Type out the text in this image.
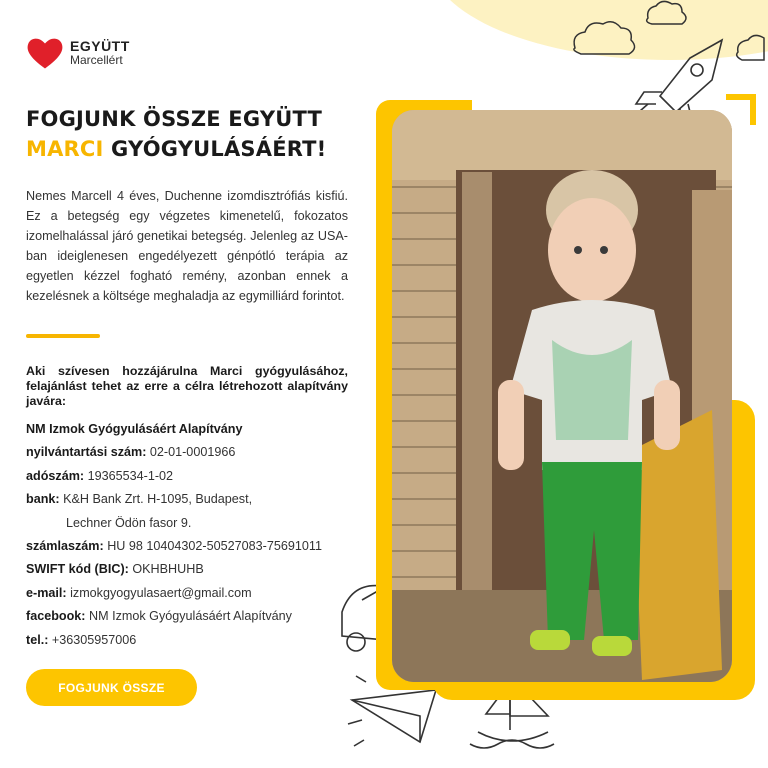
EGYÜTT
Marcellért
FOGJUNK ÖSSZE EGYÜTT
MARCI GYÓGYULÁSÁÉRT!
Nemes Marcell 4 éves, Duchenne izomdisztrófiás kisfiú. Ez a betegség egy végzetes kimenetelű, fokozatos izomelhalással járó genetikai betegség. Jelenleg az USA-ban ideiglenesen engedélyezett génpótló terápia az egyetlen kézzel fogható remény, azonban ennek a kezelésnek a költsége meghaladja az egymilliárd forintot.
Aki szívesen hozzájárulna Marci gyógyulásához, felajánlást tehet az erre a célra létrehozott alapítvány javára:
NM Izmok Gyógyulásáért Alapítvány
nyilvántartási szám: 02-01-0001966
adószám: 19365534-1-02
bank: K&H Bank Zrt. H-1095, Budapest,
Lechner Ödön fasor 9.
számlaszám: HU 98 10404302-50527083-75691011
SWIFT kód (BIC): OKHBHUHB
e-mail: izmokgyogyulasaert@gmail.com
facebook: NM Izmok Gyógyulásáért Alapítvány
tel.: +36305957006
FOGJUNK ÖSSZE
